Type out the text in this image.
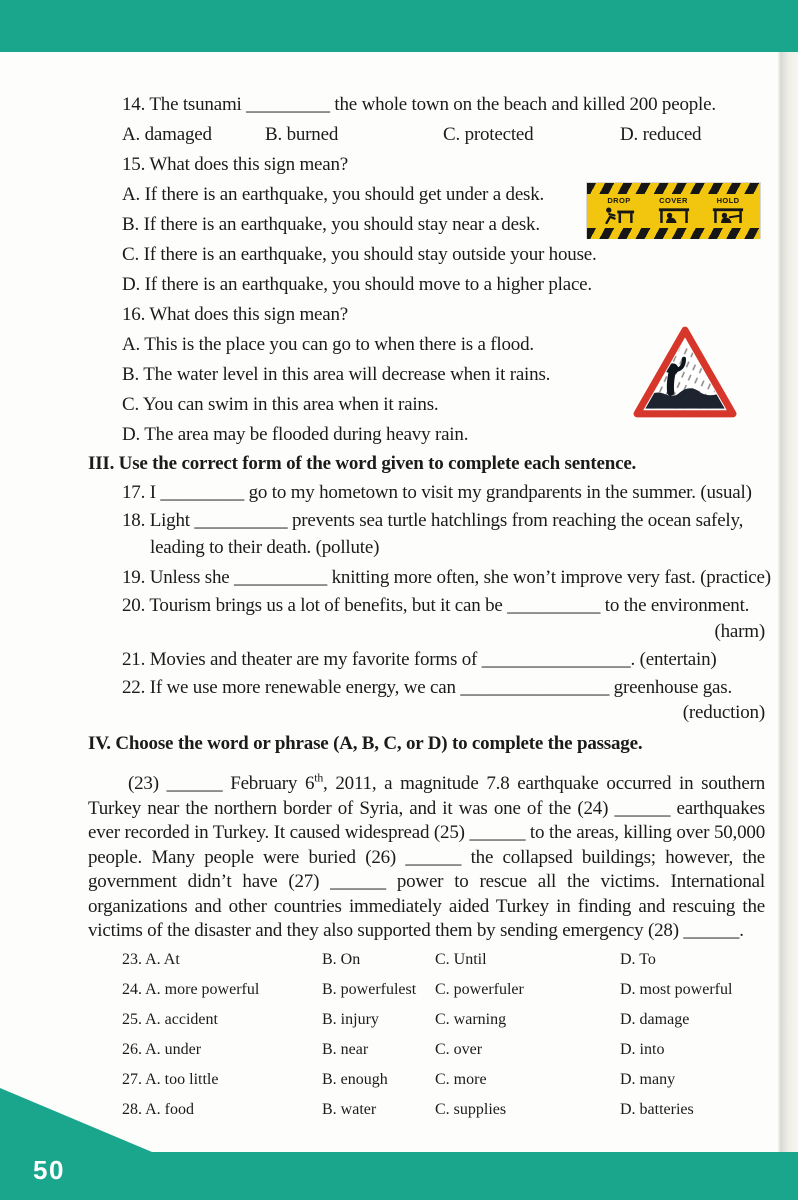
50
14. The tsunami _________ the whole town on the beach and killed 200 people.
A. damaged	B. burned	C. protected	D. reduced
15. What does this sign mean?
A. If there is an earthquake, you should get under a desk.
B. If there is an earthquake, you should stay near a desk.
C. If there is an earthquake, you should stay outside your house.
D. If there is an earthquake, you should move to a higher place.
16. What does this sign mean?
A. This is the place you can go to when there is a flood.
B. The water level in this area will decrease when it rains.
C. You can swim in this area when it rains.
D. The area may be flooded during heavy rain.
DROP	COVER	HOLD
III. Use the correct form of the word given to complete each sentence.
17. I _________ go to my hometown to visit my grandparents in the summer. (usual)
18. Light __________ prevents sea turtle hatchlings from reaching the ocean safely,
leading to their death. (pollute)
19. Unless she __________ knitting more often, she won’t improve very fast. (practice)
20. Tourism brings us a lot of benefits, but it can be __________ to the environment.
(harm)
21. Movies and theater are my favorite forms of ________________. (entertain)
22. If we use more renewable energy, we can ________________ greenhouse gas.
(reduction)
IV. Choose the word or phrase (A, B, C, or D) to complete the passage.

(23) ______ February 6th, 2011, a magnitude 7.8 earthquake occurred in southern Turkey near the northern border of Syria, and it was one of the (24) ______ earthquakes ever recorded in Turkey. It caused widespread (25) ______ to the areas, killing over 50,000 people. Many people were buried (26) ______ the collapsed buildings; however, the government didn’t have (27) ______ power to rescue all the victims. International organizations and other countries immediately aided Turkey in finding and rescuing the victims of the disaster and they also supported them by sending emergency (28) ______.

23. A. At	B. On	C. Until	D. To
24. A. more powerful	B. powerfulest C. powerfuler	D. most powerful
25. A. accident	B. injury	C. warning	D. damage
26. A. under	B. near	C. over	D. into
27. A. too little	B. enough	C. more	D. many
28. A. food	B. water	C. supplies	D. batteries
